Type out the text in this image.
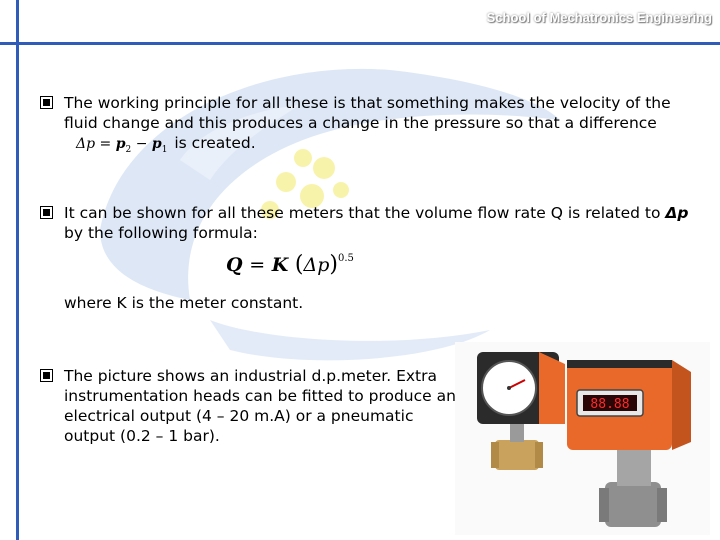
School of Mechatronics Engineering
The working principle for all these is that something makes the velocity of the fluid change and this produces a change in the pressure so that a difference $\Delta p = p_2 - p_1$ is created.
It can be shown for all these meters that the volume flow rate Q is related to Δp by the following formula:
Q = K $(\Delta p)^{0.5}$
where K is the meter constant.
The picture shows an industrial d.p.meter. Extra instrumentation heads can be fitted to produce an electrical output (4 – 20 m.A) or a pneumatic output (0.2 – 1 bar).
88.88
